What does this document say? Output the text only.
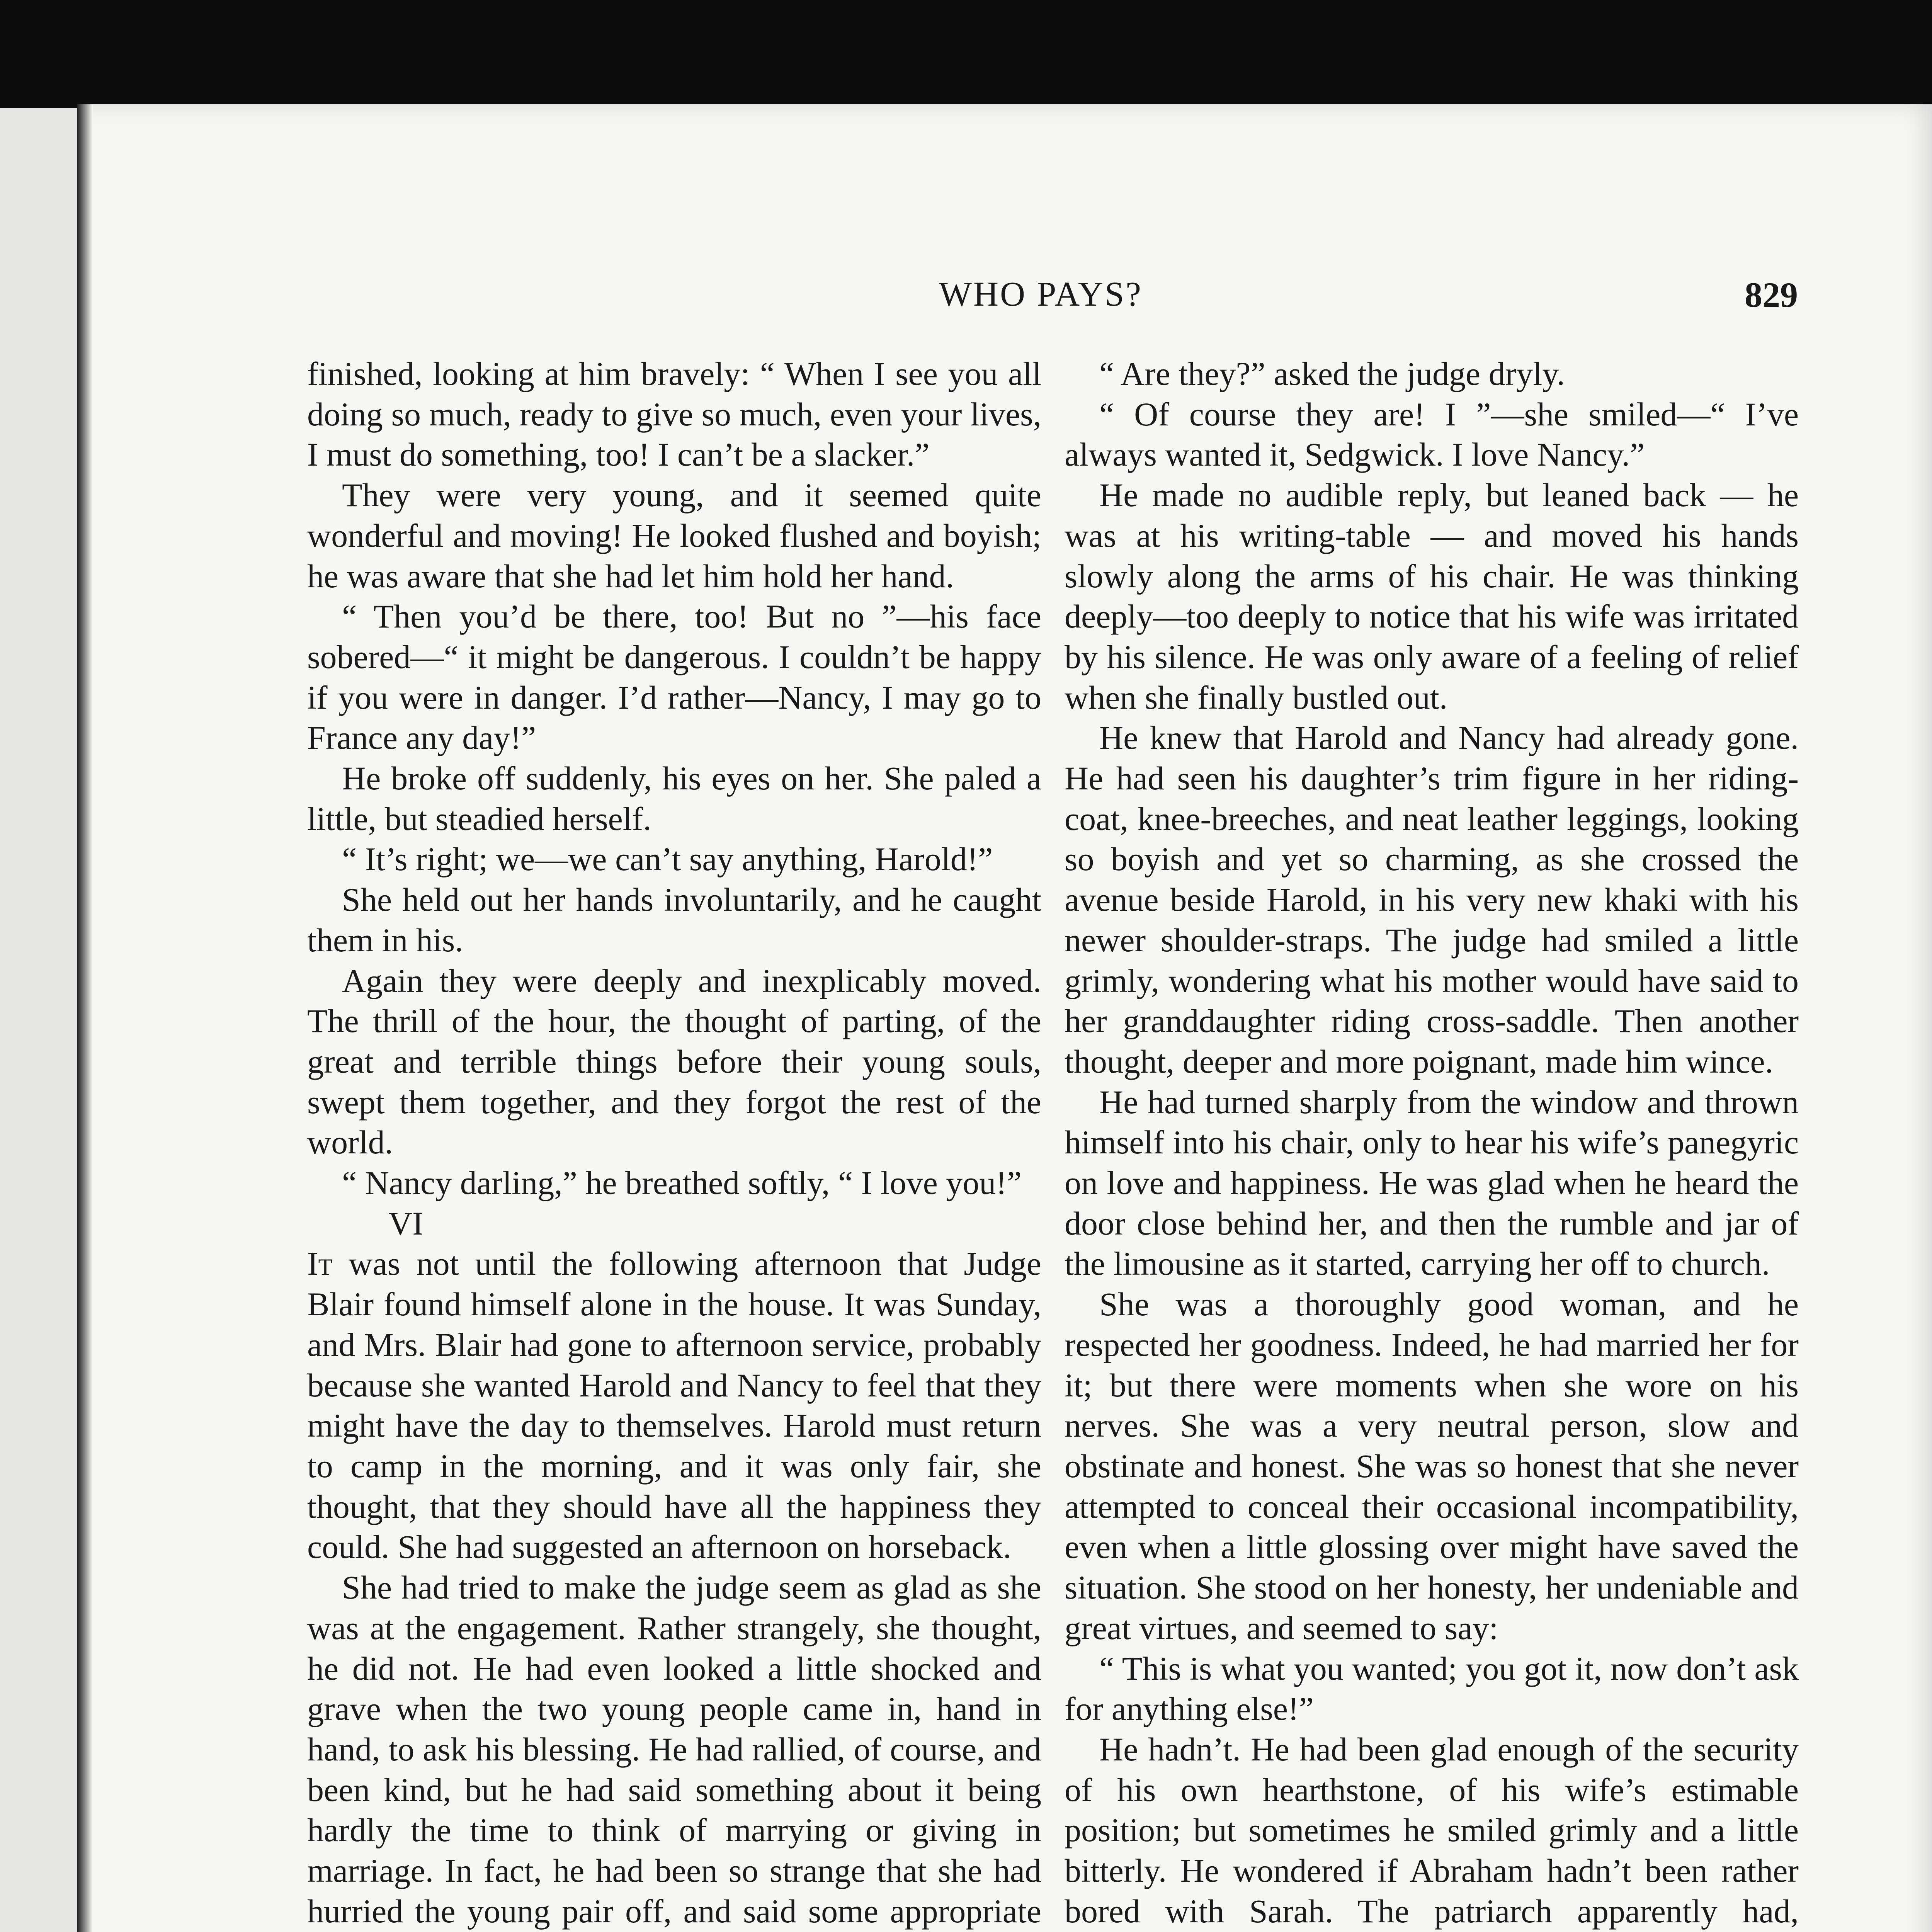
WHO PAYS?	829

finished, looking at him bravely: “ When I see you all doing so much, ready to give so much, even your lives, I must do something, too! I can’t be a slacker.”

They were very young, and it seemed quite wonderful and moving! He looked flushed and boyish; he was aware that she had let him hold her hand.

“ Then you’d be there, too! But no ”—his face sobered—“ it might be dangerous. I couldn’t be happy if you were in danger. I’d rather—Nancy, I may go to France any day!”

He broke off suddenly, his eyes on her. She paled a little, but steadied herself.

“ It’s right; we—we can’t say anything, Harold!”

She held out her hands involuntarily, and he caught them in his.

Again they were deeply and inexplicably moved. The thrill of the hour, the thought of parting, of the great and terrible things before their young souls, swept them together, and they forgot the rest of the world.

“ Nancy darling,” he breathed softly, “ I love you!”

VI

It was not until the following afternoon that Judge Blair found himself alone in the house. It was Sunday, and Mrs. Blair had gone to afternoon service, probably because she wanted Harold and Nancy to feel that they might have the day to themselves. Harold must return to camp in the morning, and it was only fair, she thought, that they should have all the happiness they could. She had suggested an afternoon on horseback.

She had tried to make the judge seem as glad as she was at the engagement. Rather strangely, she thought, he did not. He had even looked a little shocked and grave when the two young people came in, hand in hand, to ask his blessing. He had rallied, of course, and been kind, but he had said something about it being hardly the time to think of marrying or giving in marriage. In fact, he had been so strange that she had hurried the young pair off, and said some appropriate

“ Are they?” asked the judge dryly.

“ Of course they are! I ”—she smiled—“ I’ve always wanted it, Sedgwick. I love Nancy.”

He made no audible reply, but leaned back — he was at his writing-table — and moved his hands slowly along the arms of his chair. He was thinking deeply—too deeply to notice that his wife was irritated by his silence. He was only aware of a feeling of relief when she finally bustled out.

He knew that Harold and Nancy had already gone. He had seen his daughter’s trim figure in her riding-coat, knee-breeches, and neat leather leggings, looking so boyish and yet so charming, as she crossed the avenue beside Harold, in his very new khaki with his newer shoulder-straps. The judge had smiled a little grimly, wondering what his mother would have said to her granddaughter riding cross-saddle. Then another thought, deeper and more poignant, made him wince.

He had turned sharply from the window and thrown himself into his chair, only to hear his wife’s panegyric on love and happiness. He was glad when he heard the door close behind her, and then the rumble and jar of the limousine as it started, carrying her off to church.

She was a thoroughly good woman, and he respected her goodness. Indeed, he had married her for it; but there were moments when she wore on his nerves. She was a very neutral person, slow and obstinate and honest. She was so honest that she never attempted to conceal their occasional incompatibility, even when a little glossing over might have saved the situation. She stood on her honesty, her undeniable and great virtues, and seemed to say:

“ This is what you wanted; you got it, now don’t ask for anything else!”

He hadn’t. He had been glad enough of the security of his own hearthstone, of his wife’s estimable position; but sometimes he smiled grimly and a little bitterly. He wondered if Abraham hadn’t been rather bored with Sarah. The patriarch apparently had,
